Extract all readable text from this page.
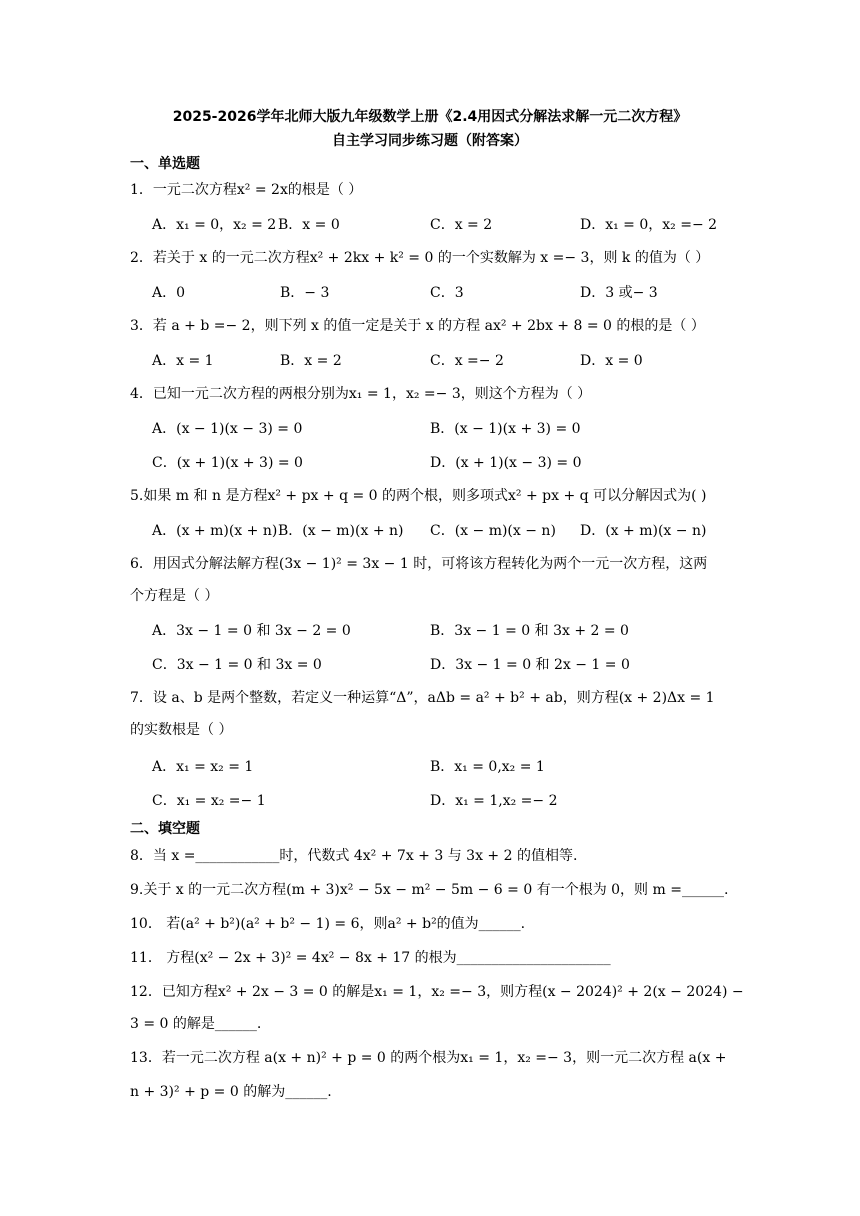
2025-2026学年北师大版九年级数学上册《2.4用因式分解法求解一元二次方程》
自主学习同步练习题（附答案）
一、单选题
1．一元二次方程x² = 2x的根是（ ）
A．x₁ = 0，x₂ = 2 B．x = 0	C．x = 2	D．x₁ = 0，x₂ =− 2
2．若关于 x 的一元二次方程x² + 2kx + k² = 0 的一个实数解为 x =− 3，则 k 的值为（ ）
A．0	B．− 3	C．3	D．3 或− 3
3．若 a + b =− 2，则下列 x 的值一定是关于 x 的方程 ax² + 2bx + 8 = 0 的根的是（ ）
A．x = 1	B．x = 2	C．x =− 2	D．x = 0
4．已知一元二次方程的两根分别为x₁ = 1，x₂ =− 3，则这个方程为（ ）
A．(x − 1)(x − 3) = 0	B．(x − 1)(x + 3) = 0
C．(x + 1)(x + 3) = 0	D．(x + 1)(x − 3) = 0
5.如果 m 和 n 是方程x² + px + q = 0 的两个根，则多项式x² + px + q 可以分解因式为( )
A．(x + m)(x + n) B．(x − m)(x + n) C．(x − m)(x − n) D．(x + m)(x − n)
6．用因式分解法解方程(3x − 1)² = 3x − 1 时，可将该方程转化为两个一元一次方程，这两
个方程是（ ）
A．3x − 1 = 0 和 3x − 2 = 0	B．3x − 1 = 0 和 3x + 2 = 0
C．3x − 1 = 0 和 3x = 0	D．3x − 1 = 0 和 2x − 1 = 0
7．设 a、b 是两个整数，若定义一种运算“Δ”，aΔb = a² + b² + ab，则方程(x + 2)Δx = 1
的实数根是（ ）
A．x₁ = x₂ = 1	B．x₁ = 0,x₂ = 1
C．x₁ = x₂ =− 1	D．x₁ = 1,x₂ =− 2
二、填空题
8．当 x =____________时，代数式 4x² + 7x + 3 与 3x + 2 的值相等.
9.关于 x 的一元二次方程(m + 3)x² − 5x − m² − 5m − 6 = 0 有一个根为 0，则 m =______.
10． 若(a² + b²)(a² + b² − 1) = 6，则a² + b²的值为______.
11． 方程(x² − 2x + 3)² = 4x² − 8x + 17 的根为______________________
12．已知方程x² + 2x − 3 = 0 的解是x₁ = 1，x₂ =− 3，则方程(x − 2024)² + 2(x − 2024) −
3 = 0 的解是______.
13．若一元二次方程 a(x + n)² + p = 0 的两个根为x₁ = 1，x₂ =− 3，则一元二次方程 a(x +
n + 3)² + p = 0 的解为______.
